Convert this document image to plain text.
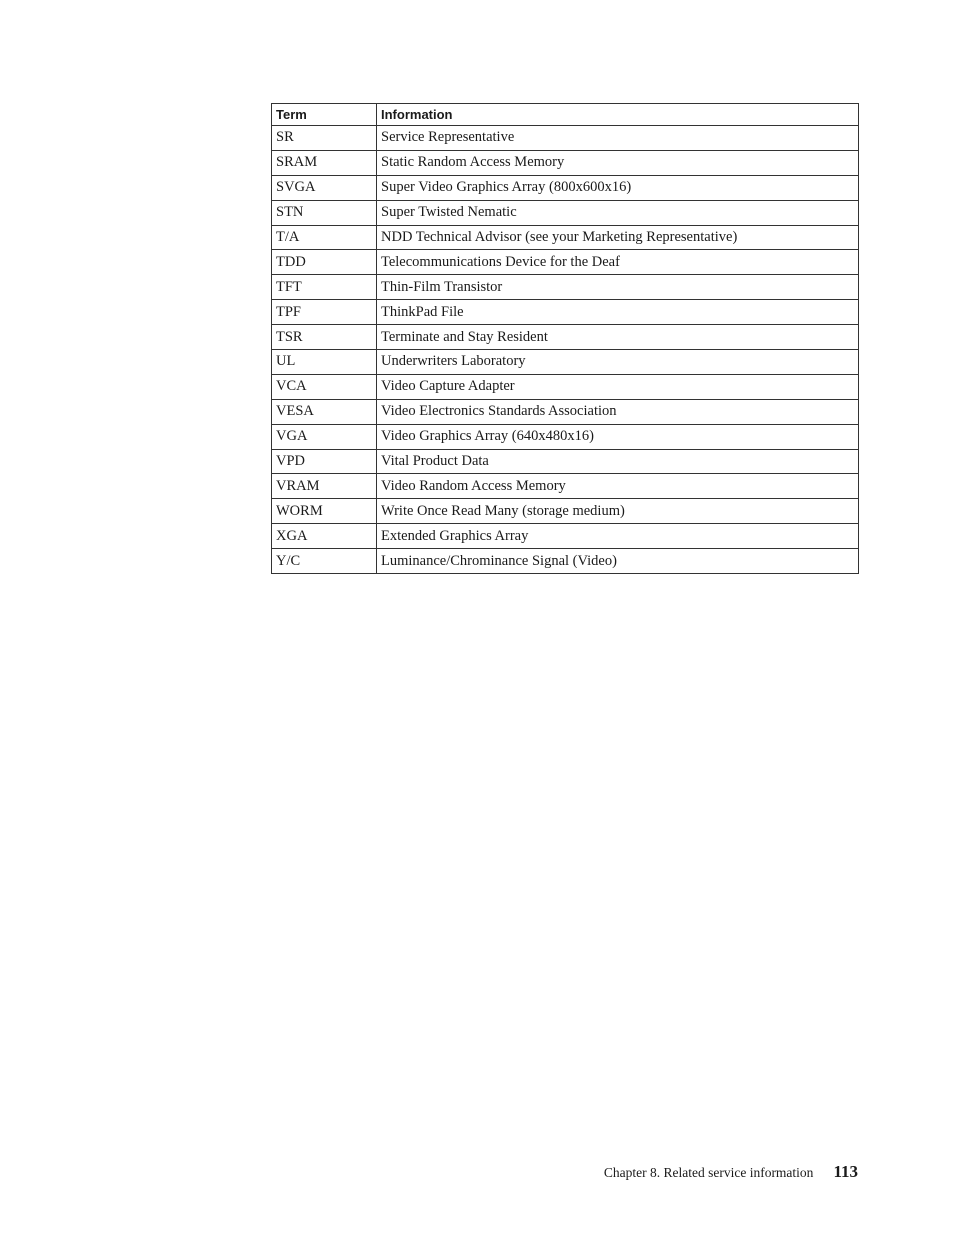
Term	Information
SR	Service Representative
SRAM	Static Random Access Memory
SVGA	Super Video Graphics Array (800x600x16)
STN	Super Twisted Nematic
T/A	NDD Technical Advisor (see your Marketing Representative)
TDD	Telecommunications Device for the Deaf
TFT	Thin-Film Transistor
TPF	ThinkPad File
TSR	Terminate and Stay Resident
UL	Underwriters Laboratory
VCA	Video Capture Adapter
VESA	Video Electronics Standards Association
VGA	Video Graphics Array (640x480x16)
VPD	Vital Product Data
VRAM	Video Random Access Memory
WORM	Write Once Read Many (storage medium)
XGA	Extended Graphics Array
Y/C	Luminance/Chrominance Signal (Video)
Chapter 8. Related service information 113
